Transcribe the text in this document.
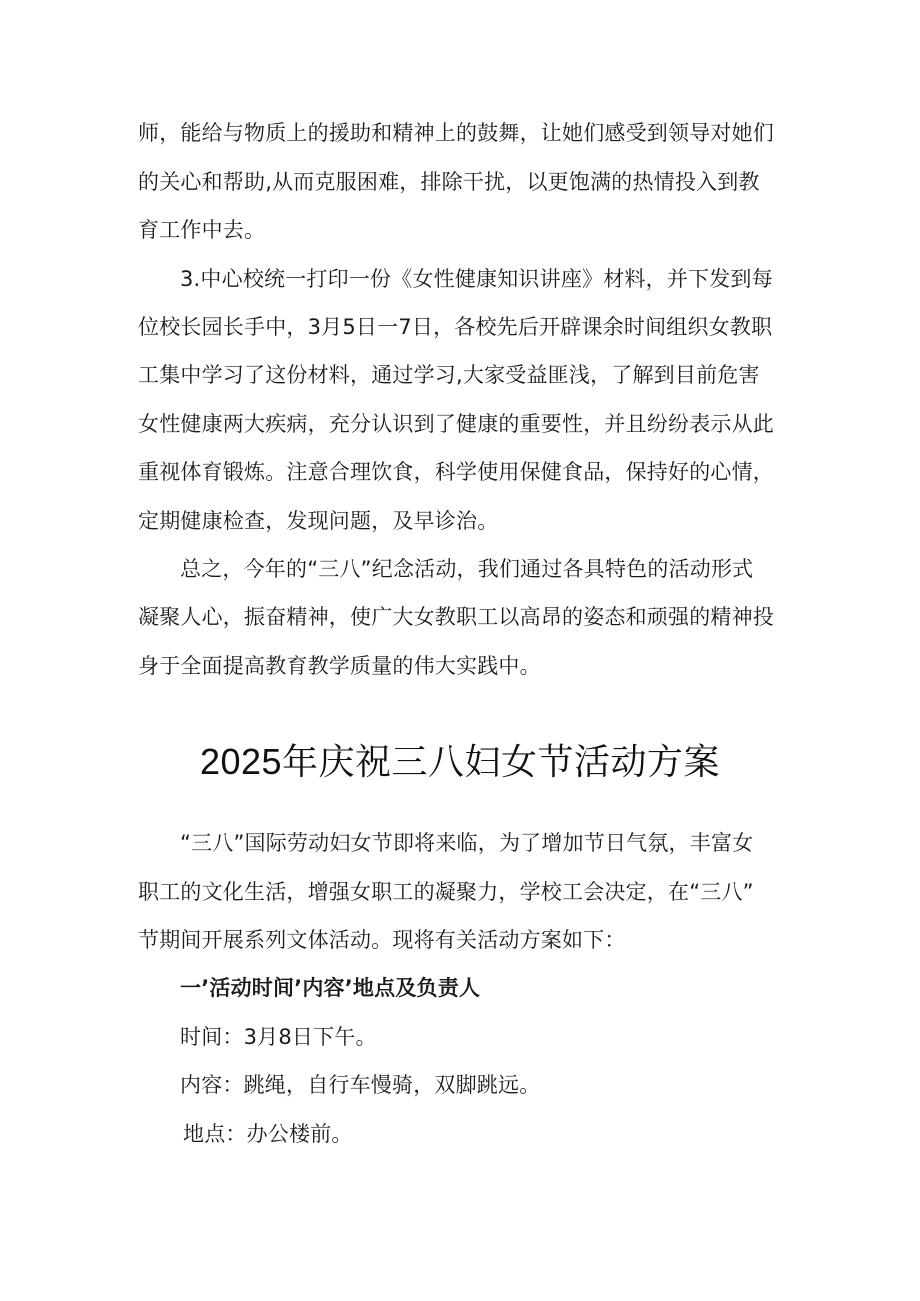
师，能给与物质上的援助和精神上的鼓舞，让她们感受到领导对她们
的关心和帮助,从而克服困难，排除干扰，以更饱满的热情投入到教
育工作中去。
3.中心校统一打印一份《女性健康知识讲座》材料，并下发到每
位校长园长手中，3月5日一7日，各校先后开辟课余时间组织女教职
工集中学习了这份材料，通过学习,大家受益匪浅，了解到目前危害
女性健康两大疾病，充分认识到了健康的重要性，并且纷纷表示从此
重视体育锻炼。注意合理饮食，科学使用保健食品，保持好的心情，
定期健康检查，发现问题，及早诊治。
总之，今年的“三八”纪念活动，我们通过各具特色的活动形式
凝聚人心，振奋精神，使广大女教职工以高昂的姿态和顽强的精神投
身于全面提高教育教学质量的伟大实践中。
2025年庆祝三八妇女节活动方案
“三八”国际劳动妇女节即将来临，为了增加节日气氛，丰富女
职工的文化生活，增强女职工的凝聚力，学校工会决定，在“三八”
节期间开展系列文体活动。现将有关活动方案如下：
一’活动时间’内容’地点及负责人
时间：3月8日下午。
内容：跳绳，自行车慢骑，双脚跳远。
地点：办公楼前。
